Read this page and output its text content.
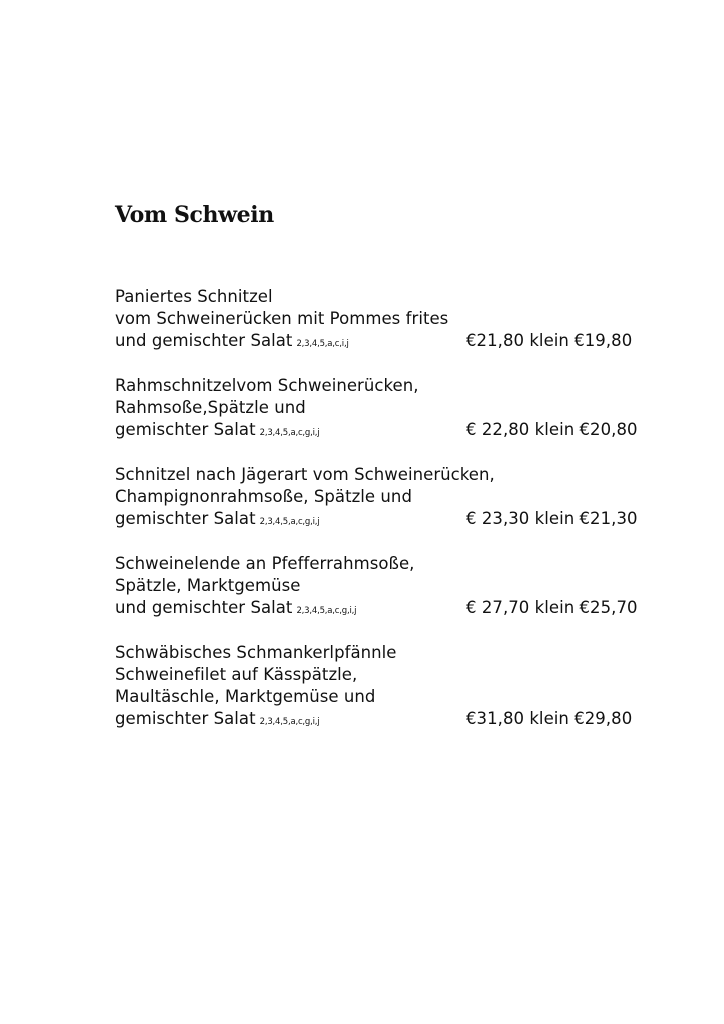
Vom Schwein
Paniertes Schnitzel
vom Schweinerücken mit Pommes frites
und gemischter Salat 2,3,4,5,a,c,i,j	€21,80 klein €19,80
Rahmschnitzelvom Schweinerücken,
Rahmsoße,Spätzle und
gemischter Salat 2,3,4,5,a,c,g,i,j	€ 22,80 klein €20,80
Schnitzel nach Jägerart vom Schweinerücken,
Champignonrahmsoße, Spätzle und
gemischter Salat 2,3,4,5,a,c,g,i,j	€ 23,30 klein €21,30
Schweinelende an Pfefferrahmsoße,
Spätzle, Marktgemüse
und gemischter Salat 2,3,4,5,a,c,g,i,j	€ 27,70 klein €25,70
Schwäbisches Schmankerlpfännle
Schweinefilet auf Kässpätzle,
Maultäschle, Marktgemüse und
gemischter Salat 2,3,4,5,a,c,g,i,j	€31,80 klein €29,80
